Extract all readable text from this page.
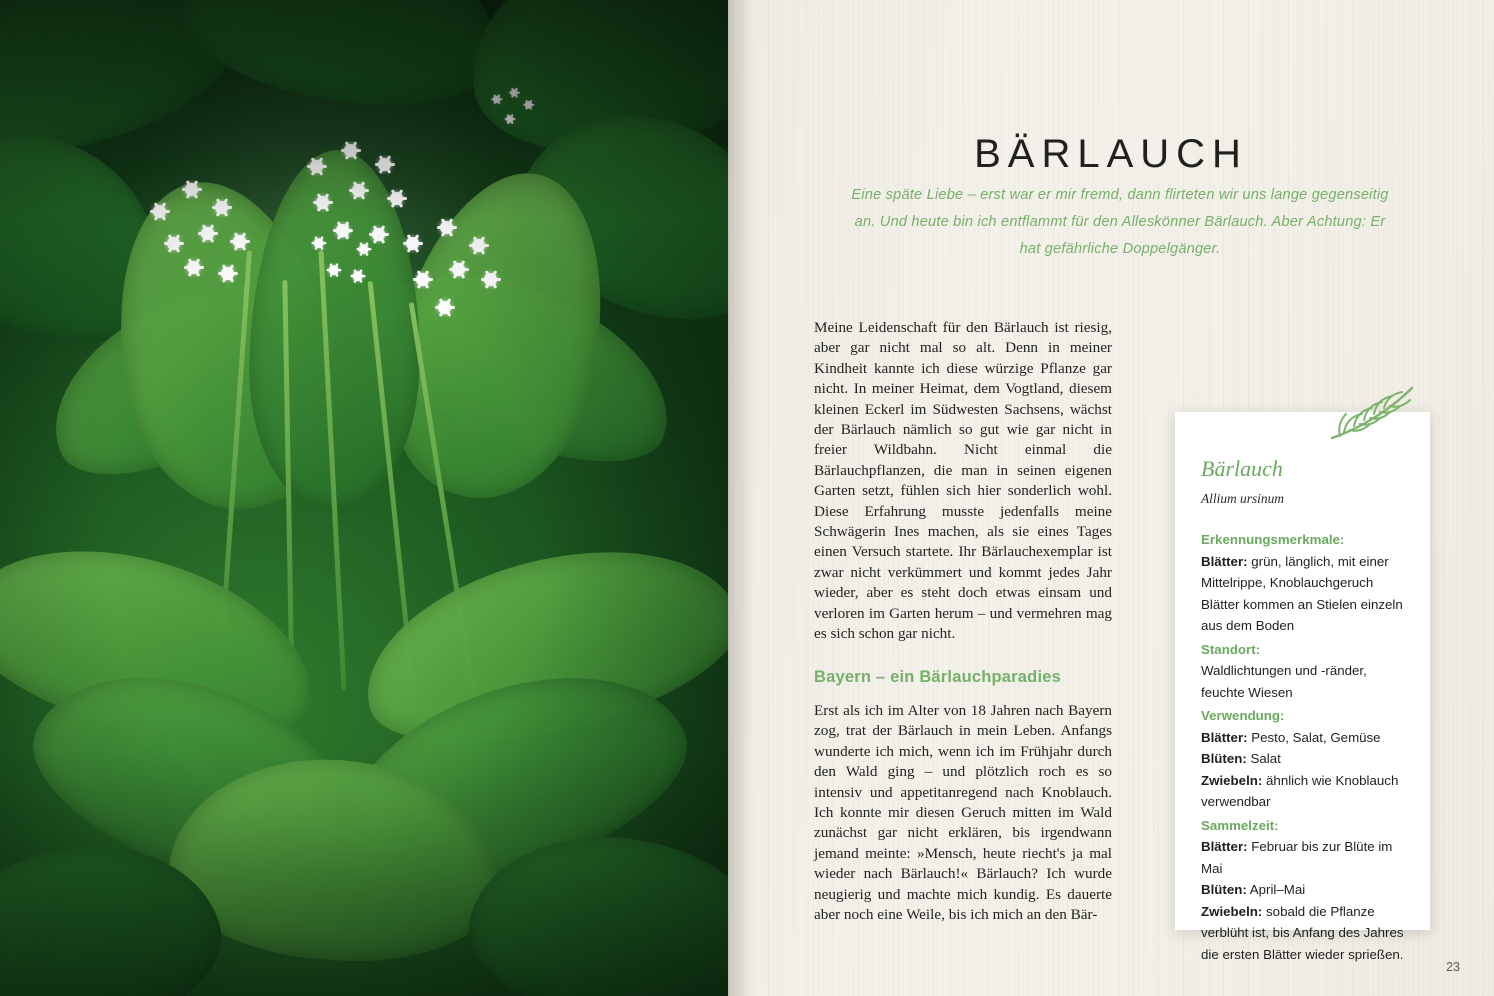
BÄRLAUCH
Eine späte Liebe – erst war er mir fremd, dann flirteten wir uns lange gegenseitig an. Und heute bin ich entflammt für den Alleskönner Bärlauch. Aber Achtung: Er hat gefährliche Doppelgänger.

Meine Leidenschaft für den Bärlauch ist riesig, aber gar nicht mal so alt. Denn in meiner Kindheit kannte ich diese würzige Pflanze gar nicht. In meiner Heimat, dem Vogtland, diesem kleinen Eckerl im Südwesten Sachsens, wächst der Bärlauch nämlich so gut wie gar nicht in freier Wildbahn. Nicht einmal die Bärlauchpflanzen, die man in seinen eigenen Garten setzt, fühlen sich hier sonderlich wohl. Diese Erfahrung musste jedenfalls meine Schwägerin Ines machen, als sie eines Tages einen Versuch startete. Ihr Bärlauchexemplar ist zwar nicht verkümmert und kommt jedes Jahr wieder, aber es steht doch etwas einsam und verloren im Garten herum – und vermehren mag es sich schon gar nicht.

Bayern – ein Bärlauchparadies

Erst als ich im Alter von 18 Jahren nach Bayern zog, trat der Bärlauch in mein Leben. Anfangs wunderte ich mich, wenn ich im Frühjahr durch den Wald ging – und plötzlich roch es so intensiv und appetitanregend nach Knoblauch. Ich konnte mir diesen Geruch mitten im Wald zunächst gar nicht erklären, bis irgendwann jemand meinte: »Mensch, heute riecht's ja mal wieder nach Bärlauch!« Bärlauch? Ich wurde neugierig und machte mich kundig. Es dauerte aber noch eine Weile, bis ich mich an den Bär-

Bärlauch
Allium ursinum
Erkennungsmerkmale:
Blätter: grün, länglich, mit einer Mittelrippe, Knoblauchgeruch
Blätter kommen an Stielen einzeln aus dem Boden
Standort:
Waldlichtungen und -ränder, feuchte Wiesen
Verwendung:
Blätter: Pesto, Salat, Gemüse
Blüten: Salat
Zwiebeln: ähnlich wie Knoblauch verwendbar
Sammelzeit:
Blätter: Februar bis zur Blüte im Mai
Blüten: April–Mai
Zwiebeln: sobald die Pflanze verblüht ist, bis Anfang des Jahres die ersten Blätter wieder sprießen.
23
